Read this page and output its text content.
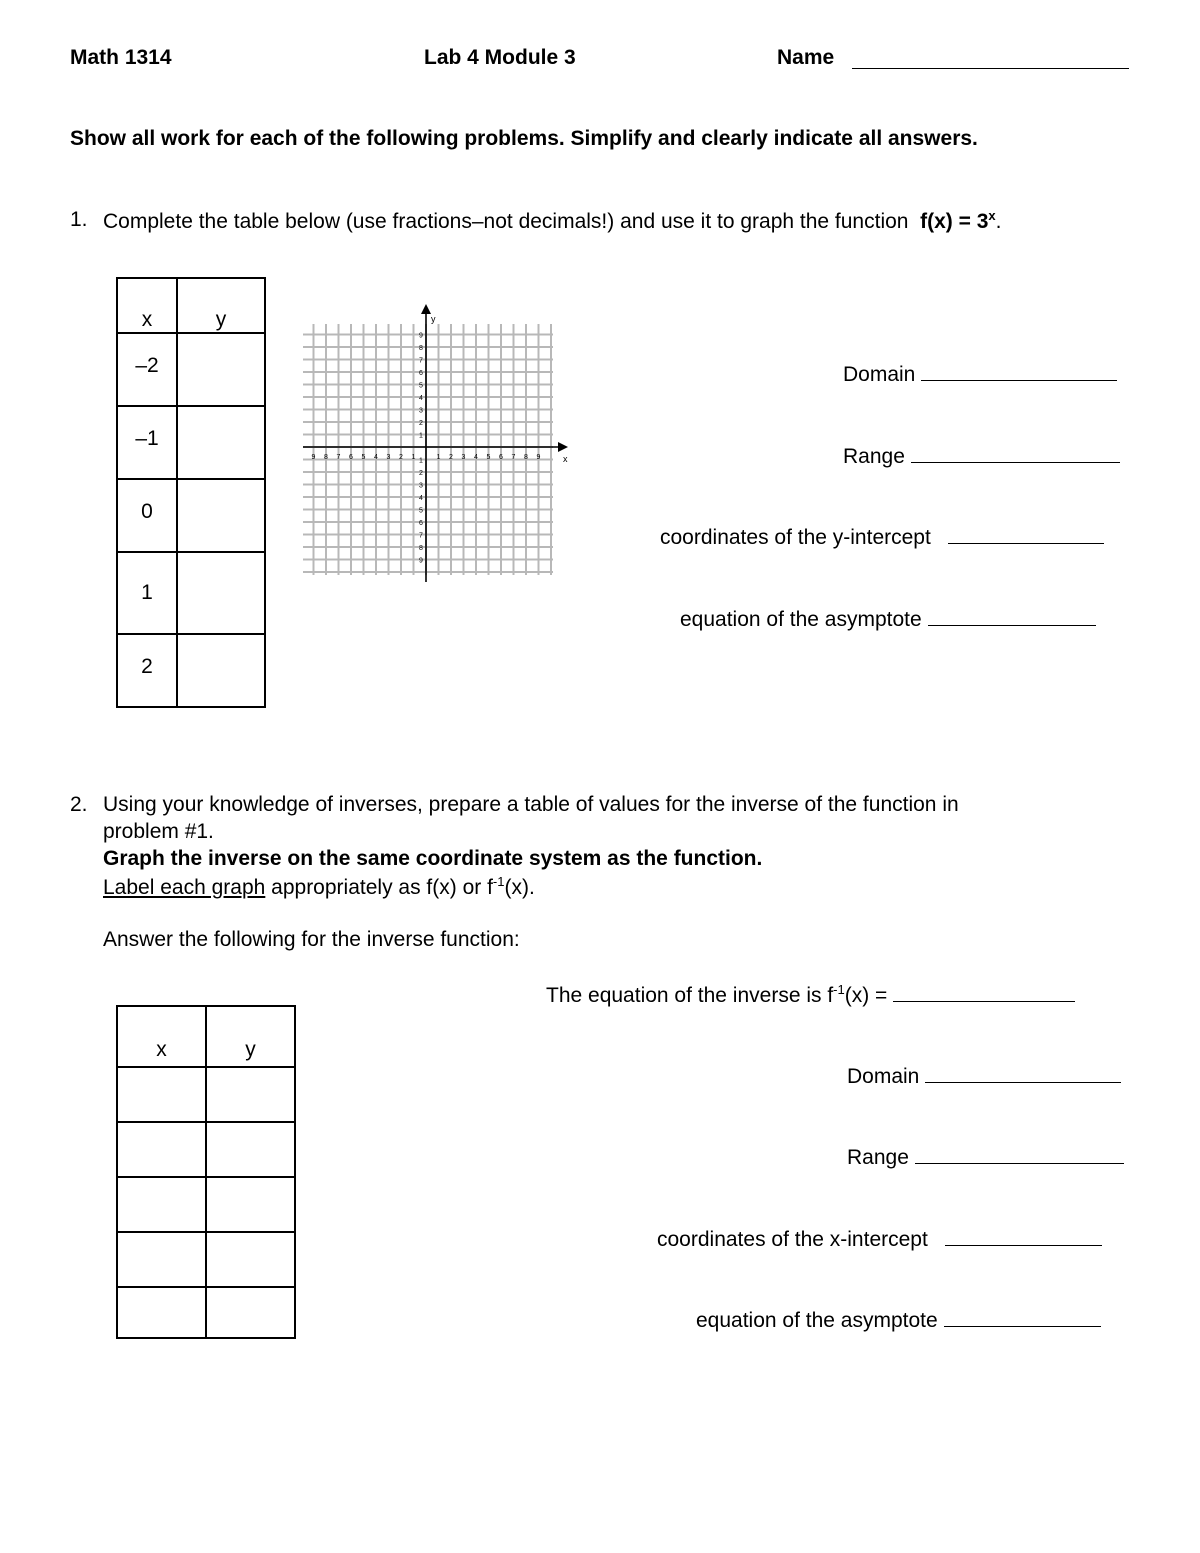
Math 1314	Lab 4 Module 3	Name
Show all work for each of the following problems. Simplify and clearly indicate all answers.
1. Complete the table below (use fractions–not decimals!) and use it to graph the function $f(x) = 3^x$.
x	y
–2	
–1	
0	
1	
2	
x
y
9
9
8
8
7
7
6
6
5
5
4
4
3
3
2
2
1 1 1
1
2
2
3
3
4
4
5
5
6
6
7
7
8
8
9
9
Domain
Range
coordinates of the y-intercept
equation of the asymptote
2. Using your knowledge of inverses, prepare a table of values for the inverse of the function in
problem #1.
Graph the inverse on the same coordinate system as the function.
Label each graph appropriately as f(x) or $f^{-1}(x)$.
Answer the following for the inverse function:
x	y

The equation of the inverse is $f^{-1}(x)$ =
Domain
Range
coordinates of the x-intercept
equation of the asymptote
